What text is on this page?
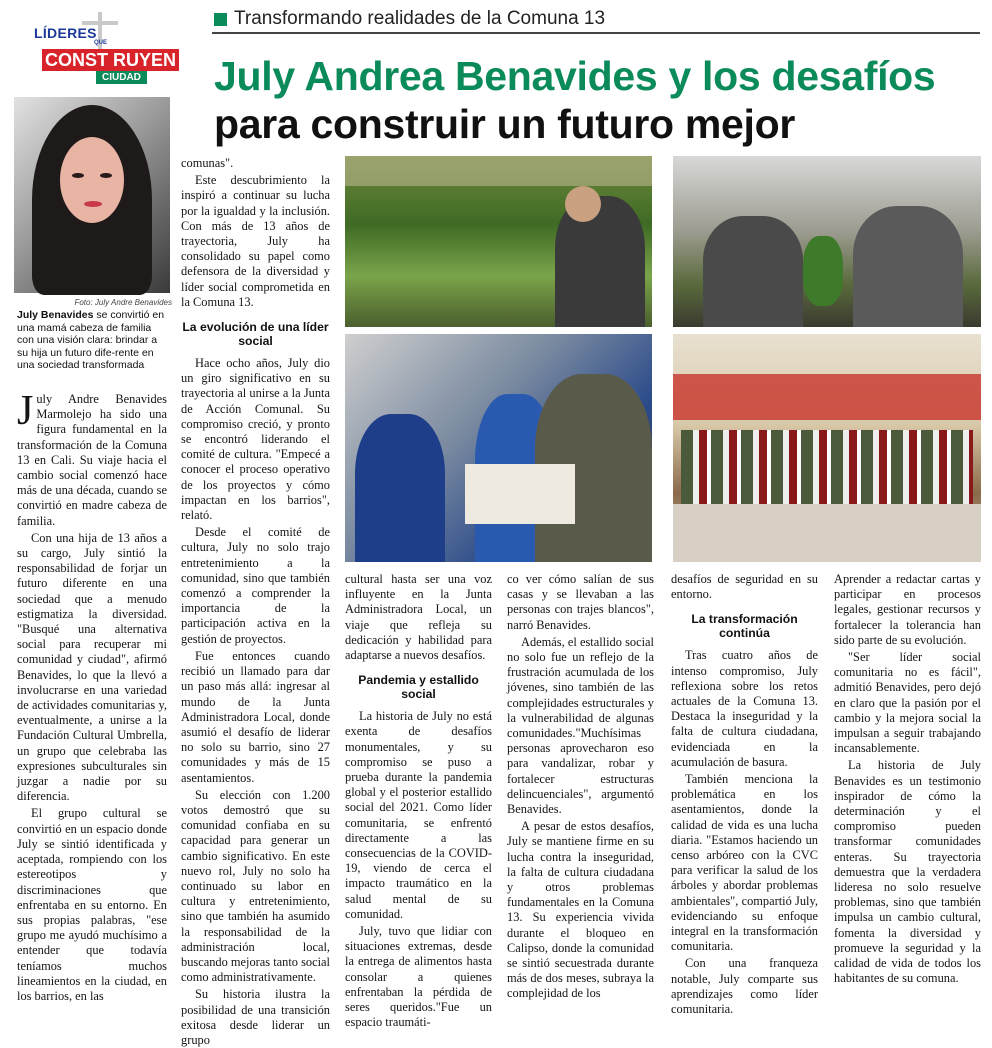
Transformando realidades de la Comuna 13
LÍDERES
QUE
CONST RUYEN
CIUDAD July Andrea Benavides y los desafíos
para construir un futuro mejor
Foto: July Andre Benavides
July Benavides se convirtió en una mamá cabeza de familia con una visión clara: brindar a su hija un futuro dife-rente en una sociedad transformada

July Andre Benavides Marmolejo ha sido una figura fundamental en la transformación de la Comuna 13 en Cali. Su viaje hacia el cambio social comenzó hace más de una década, cuando se convirtió en madre cabeza de familia.

Con una hija de 13 años a su cargo, July sintió la responsabilidad de forjar un futuro diferente en una sociedad que a menudo estigmatiza la diversidad. "Busqué una alternativa social para recuperar mi comunidad y ciudad", afirmó Benavides, lo que la llevó a involucrarse en una variedad de actividades comunitarias y, eventualmente, a unirse a la Fundación Cultural Umbrella, un grupo que celebraba las expresiones subculturales sin juzgar a nadie por su diferencia.

El grupo cultural se convirtió en un espacio donde July se sintió identificada y aceptada, rompiendo con los estereotipos y discriminaciones que enfrentaba en su entorno. En sus propias palabras, "ese grupo me ayudó muchísimo a entender que todavía teníamos muchos lineamientos en la ciudad, en los barrios, en las

comunas".

Este descubrimiento la inspiró a continuar su lucha por la igualdad y la inclusión. Con más de 13 años de trayectoria, July ha consolidado su papel como defensora de la diversidad y líder social comprometida en la Comuna 13.

La evolución de una líder social

Hace ocho años, July dio un giro significativo en su trayectoria al unirse a la Junta de Acción Comunal. Su compromiso creció, y pronto se encontró liderando el comité de cultura. "Empecé a conocer el proceso operativo de los proyectos y cómo impactan en los barrios", relató.

Desde el comité de cultura, July no solo trajo entretenimiento a la comunidad, sino que también comenzó a comprender la importancia de la participación activa en la gestión de proyectos.

Fue entonces cuando recibió un llamado para dar un paso más allá: ingresar al mundo de la Junta Administradora Local, donde asumió el desafío de liderar no solo su barrio, sino 27 comunidades y más de 15 asentamientos.

Su elección con 1.200 votos demostró que su comunidad confiaba en su capacidad para generar un cambio significativo. En este nuevo rol, July no solo ha continuado su labor en cultura y entretenimiento, sino que también ha asumido la responsabilidad de la administración local, buscando mejoras tanto social como administrativamente.

Su historia ilustra la posibilidad de una transición exitosa desde liderar un grupo

cultural hasta ser una voz influyente en la Junta Administradora Local, un viaje que refleja su dedicación y habilidad para adaptarse a nuevos desafíos.

Pandemia y estallido social

La historia de July no está exenta de desafíos monumentales, y su compromiso se puso a prueba durante la pandemia global y el posterior estallido social del 2021. Como líder comunitaria, se enfrentó directamente a las consecuencias de la COVID-19, viendo de cerca el impacto traumático en la salud mental de su comunidad.

July, tuvo que lidiar con situaciones extremas, desde la entrega de alimentos hasta consolar a quienes enfrentaban la pérdida de seres queridos."Fue un espacio traumáti-

co ver cómo salían de sus casas y se llevaban a las personas con trajes blancos", narró Benavides.

Además, el estallido social no solo fue un reflejo de la frustración acumulada de los jóvenes, sino también de las complejidades estructurales y la vulnerabilidad de algunas comunidades."Muchísimas personas aprovecharon eso para vandalizar, robar y fortalecer estructuras delincuenciales", argumentó Benavides.

A pesar de estos desafíos, July se mantiene firme en su lucha contra la inseguridad, la falta de cultura ciudadana y otros problemas fundamentales en la Comuna 13. Su experiencia vivida durante el bloqueo en Calipso, donde la comunidad se sintió secuestrada durante más de dos meses, subraya la complejidad de los

desafíos de seguridad en su entorno.

La transformación continúa

Tras cuatro años de intenso compromiso, July reflexiona sobre los retos actuales de la Comuna 13. Destaca la inseguridad y la falta de cultura ciudadana, evidenciada en la acumulación de basura.

También menciona la problemática en los asentamientos, donde la calidad de vida es una lucha diaria. "Estamos haciendo un censo arbóreo con la CVC para verificar la salud de los árboles y abordar problemas ambientales", compartió July, evidenciando su enfoque integral en la transformación comunitaria.

Con una franqueza notable, July comparte sus aprendizajes como líder comunitaria.

Aprender a redactar cartas y participar en procesos legales, gestionar recursos y fortalecer la tolerancia han sido parte de su evolución.

"Ser líder social comunitaria no es fácil", admitió Benavides, pero dejó en claro que la pasión por el cambio y la mejora social la impulsan a seguir trabajando incansablemente.

La historia de July Benavides es un testimonio inspirador de cómo la determinación y el compromiso pueden transformar comunidades enteras. Su trayectoria demuestra que la verdadera lideresa no solo resuelve problemas, sino que también impulsa un cambio cultural, fomenta la diversidad y promueve la seguridad y la calidad de vida de todos los habitantes de su comuna.
